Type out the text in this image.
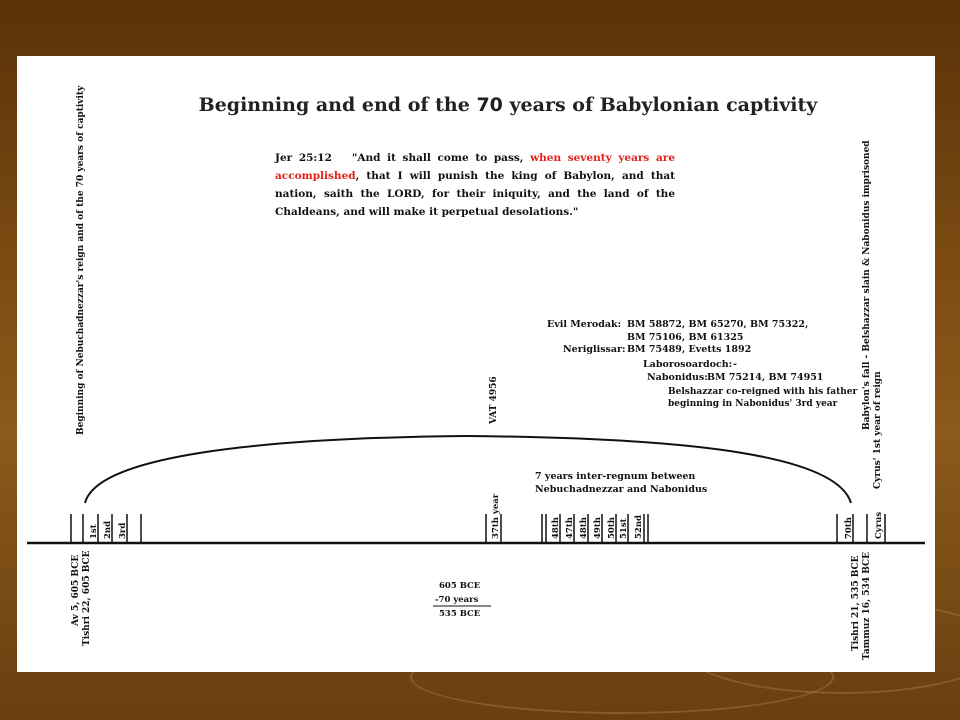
Beginning and end of the 70 years of Babylonian captivity
Jer 25:12 "And it shall come to pass, when seventy years are accomplished, that I will punish the king of Babylon, and that nation, saith the LORD, for their iniquity, and the land of the Chaldeans, and will make it perpetual desolations."
Evil Merodak: BM 58872, BM 65270, BM 75322,
BM 75106, BM 61325
Neriglissar: BM 75489, Evetts 1892
Laborosoardoch: -
Nabonidus: BM 75214, BM 74951
Belshazzar co-reigned with his father
beginning in Nabonidus' 3rd year
7 years inter-regnum between
Nebuchadnezzar and Nabonidus
Beginning of Nebuchadnezzar's reign and of the 70 years of captivity	VAT 4956	Babylon's fall - Belshazzar slain & Nabonidus imprisoned
Cyrus' 1st year of reign
Av 5, 605 BCE Tishri 22, 605 BCE	Tishri 21, 535 BCE Tammuz 16, 534 BCE
1st 2nd 3rd	37th year	48th 47th 48th 49th 50th 51st 52nd	70th Cyrus
605 BCE
-70 years
535 BCE
